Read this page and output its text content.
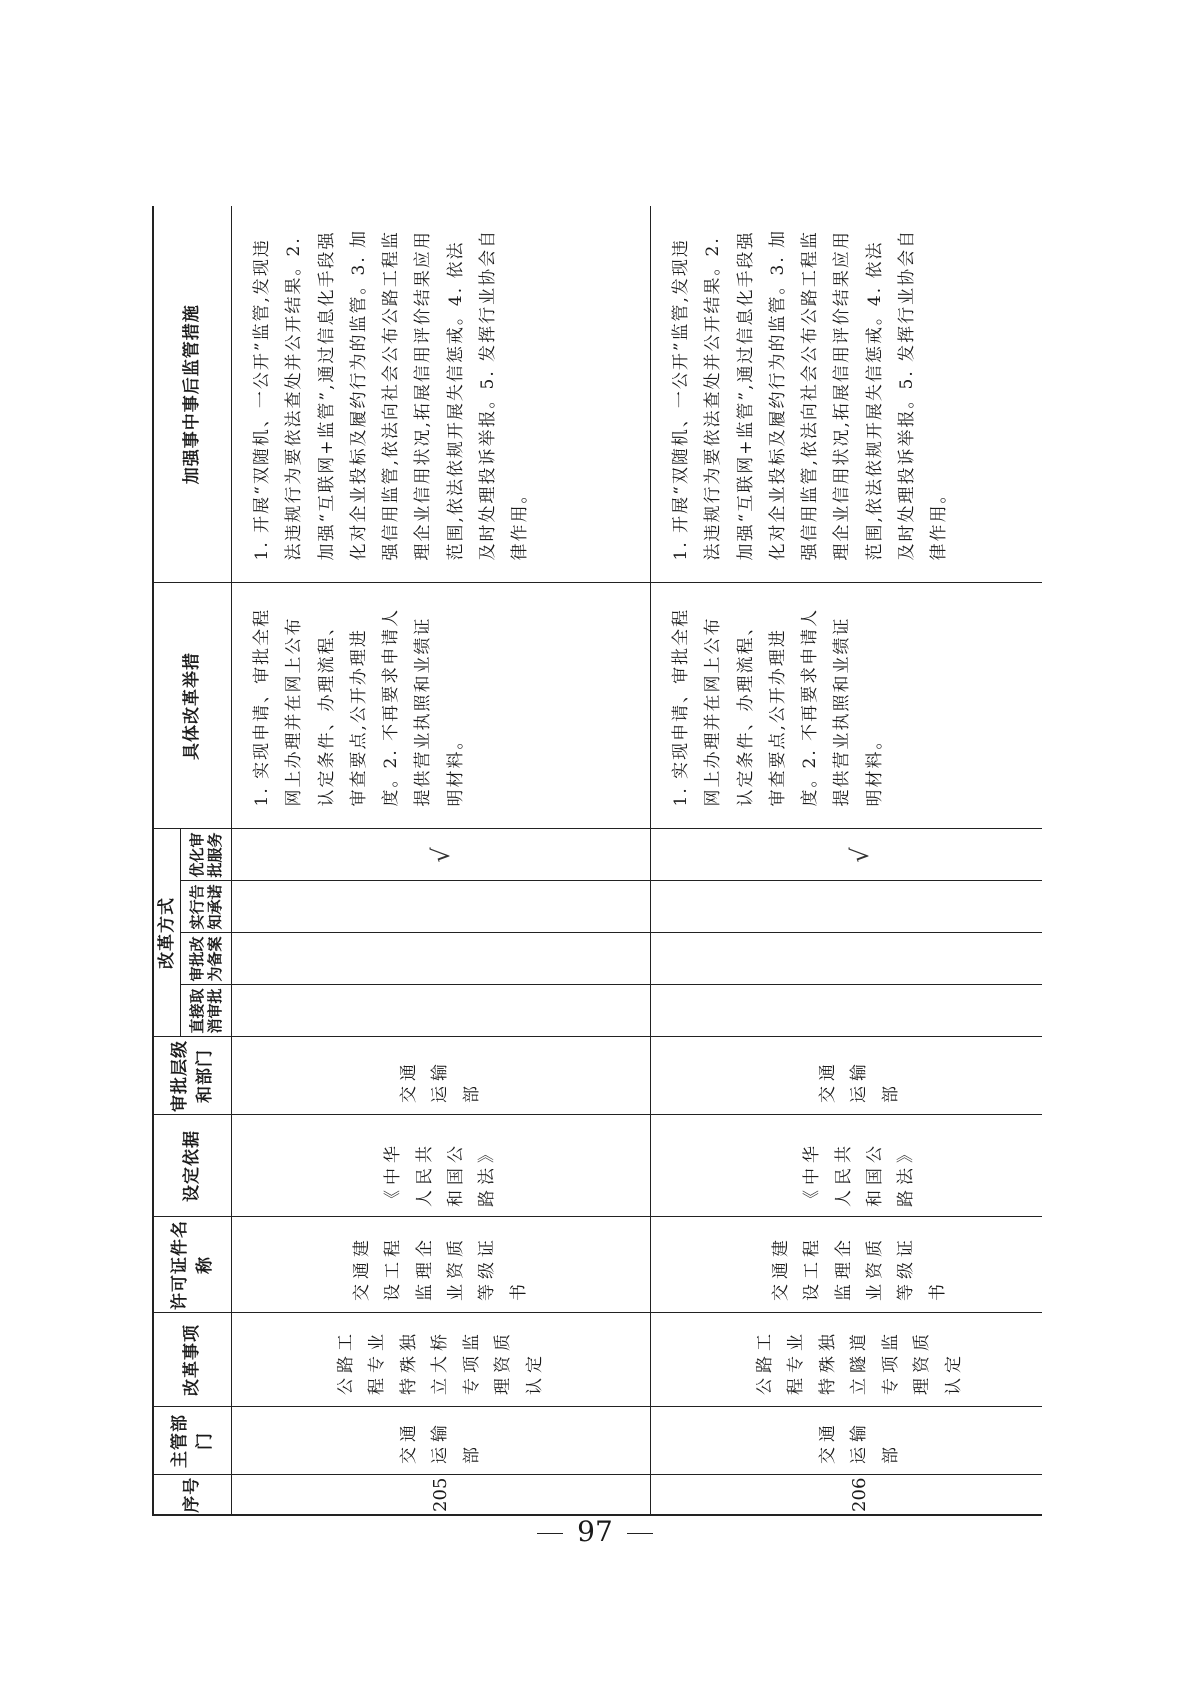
序号	主管部门	改革事项	许可证件名称	设定依据	审批层级和部门	改革方式				具体改革举措	加强事中事后监管措施
						直接取消审批	审批改为备案	实行告知承诺	优化审批服务		
205	交通运输部	公路工程专业特殊独立大桥专项监理资质认定	交通建设工程监理企业资质等级证书	《中华人民共和国公路法》	交通运输部				√	1. 实现申请、审批全程网上办理并在网上公布认定条件、办理流程、审查要点,公开办理进度。2. 不再要求申请人提供营业执照和业绩证明材料。	1. 开展“双随机、一公开”监管,发现违法违规行为要依法查处并公开结果。2. 加强“互联网+监管”,通过信息化手段强化对企业投标及履约行为的监管。3. 加强信用监管,依法向社会公布公路工程监理企业信用状况,拓展信用评价结果应用范围,依法依规开展失信惩戒。4. 依法及时处理投诉举报。5. 发挥行业协会自律作用。
206	交通运输部	公路工程专业特殊独立隧道专项监理资质认定	交通建设工程监理企业资质等级证书	《中华人民共和国公路法》	交通运输部				√	1. 实现申请、审批全程网上办理并在网上公布认定条件、办理流程、审查要点,公开办理进度。2. 不再要求申请人提供营业执照和业绩证明材料。	1. 开展“双随机、一公开”监管,发现违法违规行为要依法查处并公开结果。2. 加强“互联网+监管”,通过信息化手段强化对企业投标及履约行为的监管。3. 加强信用监管,依法向社会公布公路工程监理企业信用状况,拓展信用评价结果应用范围,依法依规开展失信惩戒。4. 依法及时处理投诉举报。5. 发挥行业协会自律作用。
97
